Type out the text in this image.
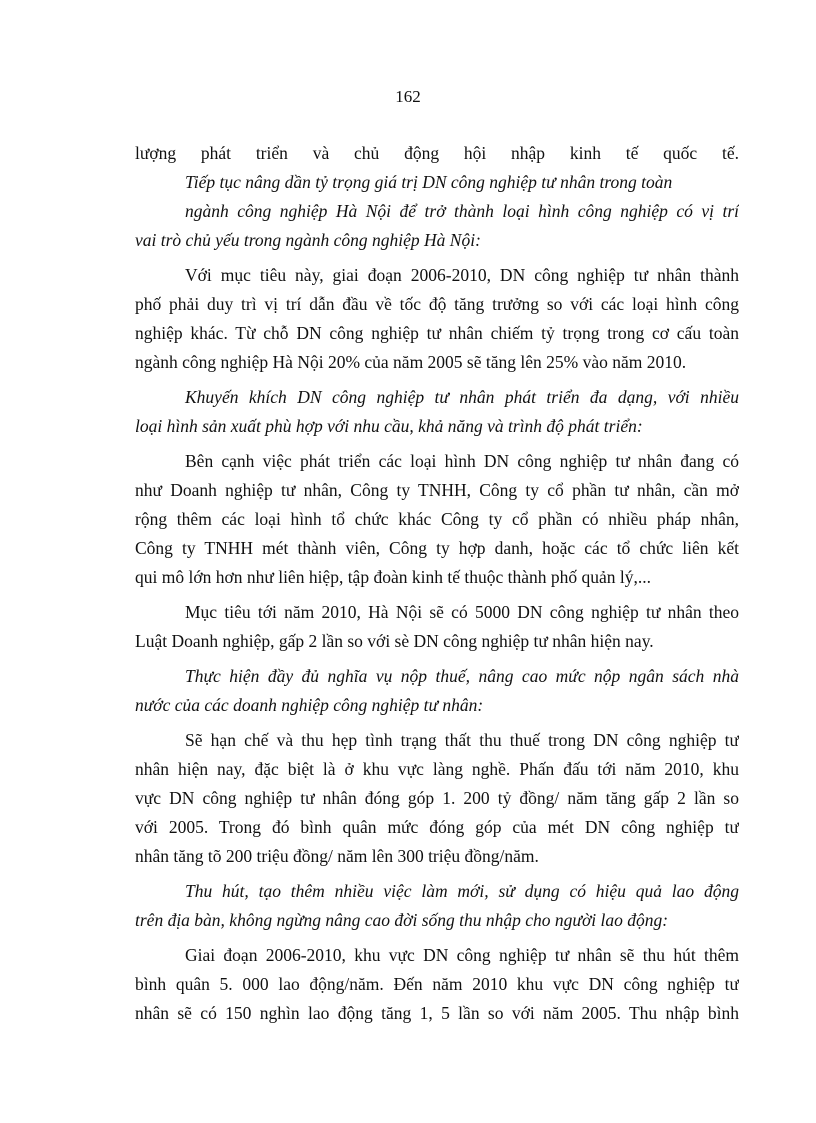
162
lượng phát triển và chủ động hội nhập kinh tế quốc tế.
Tiếp tục nâng dần tỷ trọng giá trị DN công nghiệp tư nhân trong toàn
ngành công nghiệp Hà Nội để trở thành loại hình công nghiệp có vị trí
vai trò chủ yếu trong ngành công nghiệp Hà Nội:
Với mục tiêu này, giai đoạn 2006-2010, DN công nghiệp tư nhân thành
phố phải duy trì vị trí dẫn đầu về tốc độ tăng trưởng so với các loại hình công
nghiệp khác. Từ chỗ DN công nghiệp tư nhân chiếm tỷ trọng trong cơ cấu toàn
ngành công nghiệp Hà Nội 20% của năm 2005 sẽ tăng lên 25% vào năm 2010.
Khuyến khích DN công nghiệp tư nhân phát triển đa dạng, với nhiều
loại hình sản xuất phù hợp với nhu cầu, khả năng và trình độ phát triển:
Bên cạnh việc phát triển các loại hình DN công nghiệp tư nhân đang có
như Doanh nghiệp tư nhân, Công ty TNHH, Công ty cổ phần tư nhân, cần mở
rộng thêm các loại hình tổ chức khác Công ty cổ phần có nhiều pháp nhân,
Công ty TNHH mét thành viên, Công ty hợp danh, hoặc các tổ chức liên kết
qui mô lớn hơn như liên hiệp, tập đoàn kinh tế thuộc thành phố quản lý,...
Mục tiêu tới năm 2010, Hà Nội sẽ có 5000 DN công nghiệp tư nhân theo
Luật Doanh nghiệp, gấp 2 lần so với sè DN công nghiệp tư nhân hiện nay.
Thực hiện đầy đủ nghĩa vụ nộp thuế, nâng cao mức nộp ngân sách nhà
nước của các doanh nghiệp công nghiệp tư nhân:
Sẽ hạn chế và thu hẹp tình trạng thất thu thuế trong DN công nghiệp tư
nhân hiện nay, đặc biệt là ở khu vực làng nghề. Phấn đấu tới năm 2010, khu
vực DN công nghiệp tư nhân đóng góp 1. 200 tỷ đồng/ năm tăng gấp 2 lần so
với 2005. Trong đó bình quân mức đóng góp của mét DN công nghiệp tư
nhân tăng tõ 200 triệu đồng/ năm lên 300 triệu đồng/năm.
Thu hút, tạo thêm nhiều việc làm mới, sử dụng có hiệu quả lao động
trên địa bàn, không ngừng nâng cao đời sống thu nhập cho người lao động:
Giai đoạn 2006-2010, khu vực DN công nghiệp tư nhân sẽ thu hút thêm
bình quân 5. 000 lao động/năm. Đến năm 2010 khu vực DN công nghiệp tư
nhân sẽ có 150 nghìn lao động tăng 1, 5 lần so với năm 2005. Thu nhập bình
